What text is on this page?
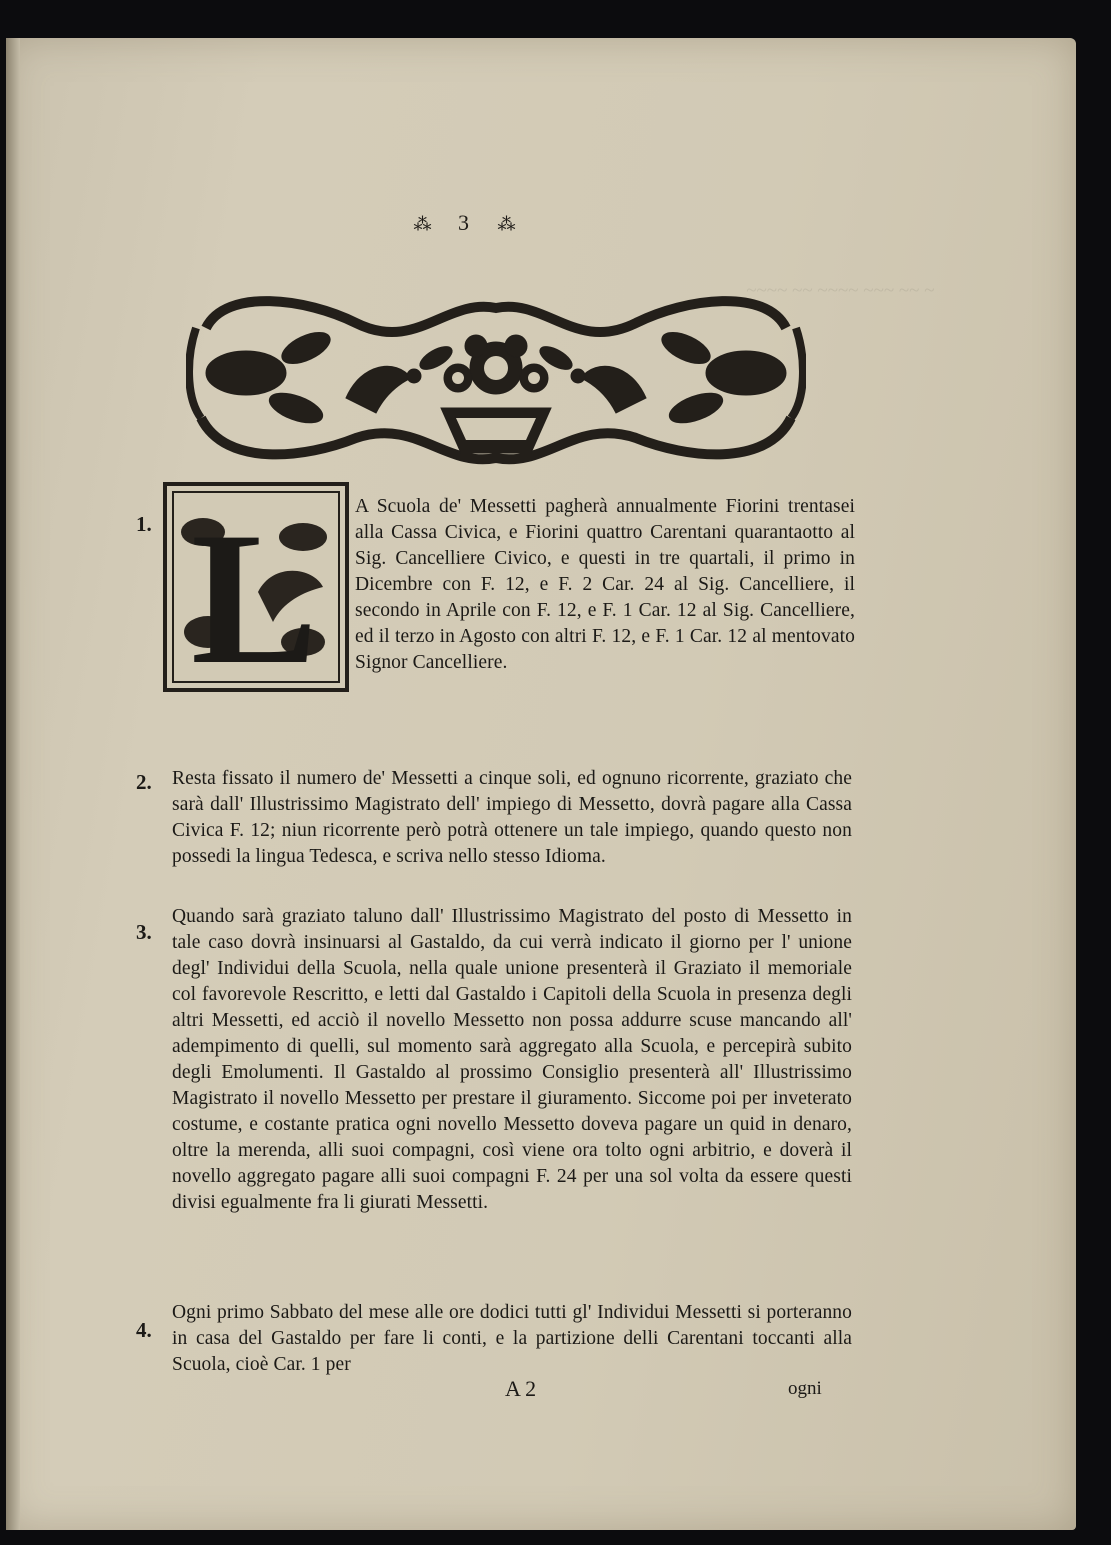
~~~~ ~~ ~~~~ ~~~ ~~ ~
⁂ 3 ⁂
1. L A Scuola de' Messetti pagherà annualmente Fiorini trentasei alla Cassa Civica, e Fiorini quattro Carentani quarantaotto al Sig. Cancelliere Civico, e questi in tre quartali, il primo in Dicembre con F. 12, e F. 2 Car. 24 al Sig. Cancelliere, il secondo in Aprile con F. 12, e F. 1 Car. 12 al Sig. Cancelliere, ed il terzo in Agosto con altri F. 12, e F. 1 Car. 12 al mentovato Signor Cancelliere.

2. Resta fissato il numero de' Messetti a cinque soli, ed ognuno ricorrente, graziato che sarà dall' Illustrissimo Magistrato dell' impiego di Messetto, dovrà pagare alla Cassa Civica F. 12; niun ricorrente però potrà ottenere un tale impiego, quando questo non possedi la lingua Tedesca, e scriva nello stesso Idioma.

3.

Quando sarà graziato taluno dall' Illustrissimo Magistrato del posto di Messetto in tale caso dovrà insinuarsi al Gastaldo, da cui verrà indicato il giorno per l' unione degl' Individui della Scuola, nella quale unione presenterà il Graziato il memoriale col favorevole Rescritto, e letti dal Gastaldo i Capitoli della Scuola in presenza degli altri Messetti, ed acciò il novello Messetto non possa addurre scuse mancando all' adempimento di quelli, sul momento sarà aggregato alla Scuola, e percepirà subito degli Emolumenti. Il Gastaldo al prossimo Consiglio presenterà all' Illustrissimo Magistrato il novello Messetto per prestare il giuramento. Siccome poi per inveterato costume, e costante pratica ogni novello Messetto doveva pagare un quid in denaro, oltre la merenda, alli suoi compagni, così viene ora tolto ogni arbitrio, e doverà il novello aggregato pagare alli suoi compagni F. 24 per una sol volta da essere questi divisi egualmente fra li giurati Messetti.

4.

Ogni primo Sabbato del mese alle ore dodici tutti gl' Individui Messetti si porteranno in casa del Gastaldo per fare li conti, e la partizione delli Carentani toccanti alla Scuola, cioè Car. 1 per

A 2	ogni
